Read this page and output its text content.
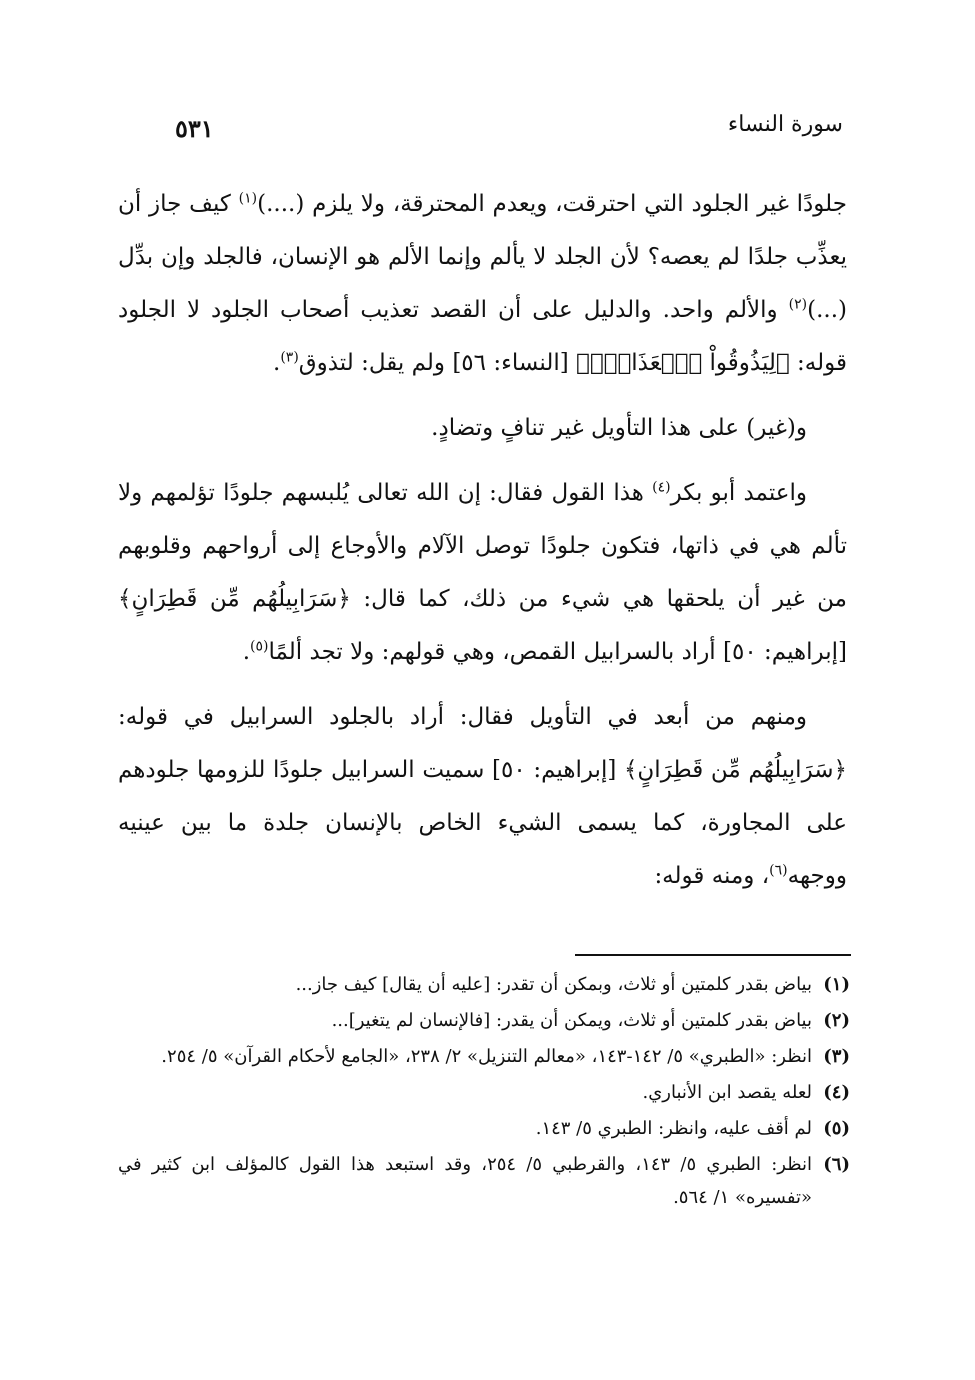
سورة النساء
٥٣١

جلودًا غير الجلود التي احترقت، ويعدم المحترقة، ولا يلزم (....)$^{(١)}$ كيف جاز أن يعذِّب جلدًا لم يعصه؟ لأن الجلد لا يألم وإنما الألم هو الإنسان، فالجلد وإن بدِّل (...)$^{(٢)}$ والألم واحد. والدليل على أن القصد تعذيب أصحاب الجلود لا الجلود قوله: ﴿لِيَذُوقُواْ ٱلۡعَذَابَۗ﴾ [النساء: ٥٦] ولم يقل: لتذوق$^{(٣)}$.

و(غير) على هذا التأويل غير تنافٍ وتضادٍ.

واعتمد أبو بكر$^{(٤)}$ هذا القول فقال: إن الله تعالى يُلبسهم جلودًا تؤلمهم ولا تألم هي في ذاتها، فتكون جلودًا توصل الآلام والأوجاع إلى أرواحهم وقلوبهم من غير أن يلحقها هي شيء من ذلك، كما قال: ﴿سَرَابِيلُهُم مِّن قَطِرَانٍ﴾ [إبراهيم: ٥٠] أراد بالسرابيل القمص، وهي قولهم: ولا تجد ألمًا$^{(٥)}$.

ومنهم من أبعد في التأويل فقال: أراد بالجلود السرابيل في قوله: ﴿سَرَابِيلُهُم مِّن قَطِرَانٍ﴾ [إبراهيم: ٥٠] سميت السرابيل جلودًا للزومها جلودهم على المجاورة، كما يسمى الشيء الخاص بالإنسان جلدة ما بين عينيه ووجهه$^{(٦)}$، ومنه قوله:

(١)
بياض بقدر كلمتين أو ثلاث، وبمكن أن تقدر: [عليه أن يقال] كيف جاز...
(٢)
بياض بقدر كلمتين أو ثلاث، ويمكن أن يقدر: [فالإنسان لم يتغير]...
(٣)
انظر: «الطبري» ٥/ ١٤٢-١٤٣، «معالم التنزيل» ٢/ ٢٣٨، «الجامع لأحكام القرآن» ٥/ ٢٥٤.
(٤)
لعله يقصد ابن الأنباري.
(٥)
لم أقف عليه، وانظر: الطبري ٥/ ١٤٣.
(٦)
انظر: الطبري ٥/ ١٤٣، والقرطبي ٥/ ٢٥٤، وقد استبعد هذا القول كالمؤلف ابن كثير في «تفسيره» ١/ ٥٦٤.
